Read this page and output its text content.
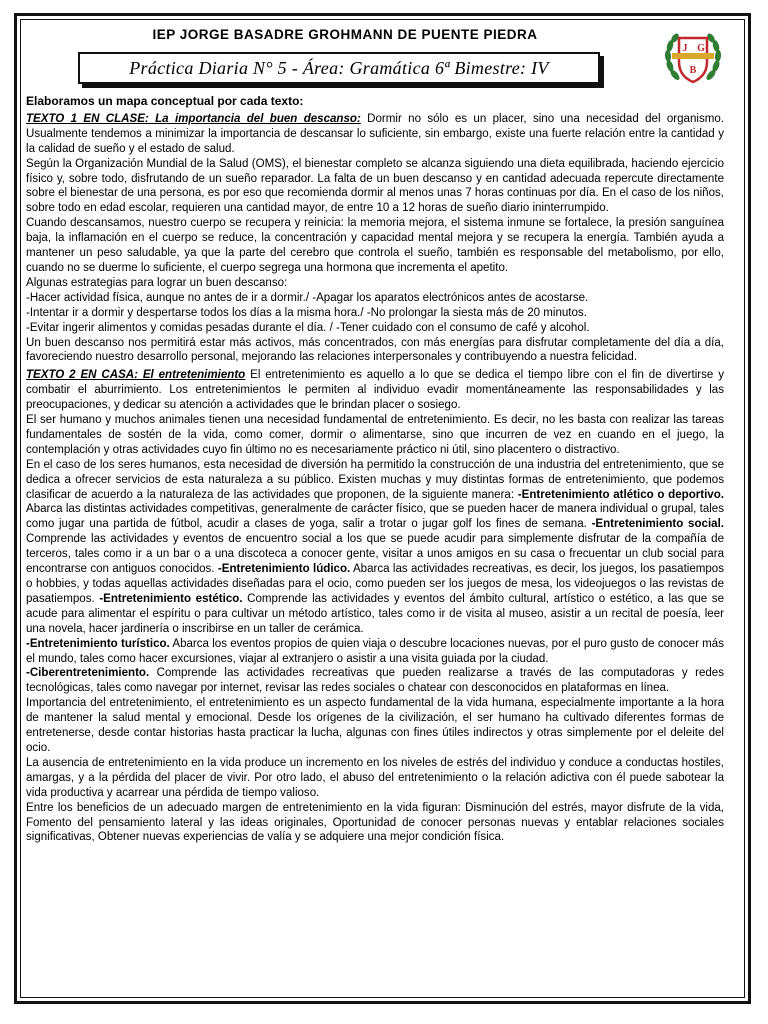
IEP JORGE BASADRE GROHMANN DE PUENTE PIEDRA
Práctica Diaria N° 5 - Área: Gramática 6ª Bimestre: IV
J G
B
Elaboramos un mapa conceptual por cada texto:

TEXTO 1 EN CLASE: La importancia del buen descanso: Dormir no sólo es un placer, sino una necesidad del organismo. Usualmente tendemos a minimizar la importancia de descansar lo suficiente, sin embargo, existe una fuerte relación entre la cantidad y la calidad de sueño y el estado de salud.

Según la Organización Mundial de la Salud (OMS), el bienestar completo se alcanza siguiendo una dieta equilibrada, haciendo ejercicio físico y, sobre todo, disfrutando de un sueño reparador. La falta de un buen descanso y en cantidad adecuada repercute directamente sobre el bienestar de una persona, es por eso que recomienda dormir al menos unas 7 horas continuas por día. En el caso de los niños, sobre todo en edad escolar, requieren una cantidad mayor, de entre 10 a 12 horas de sueño diario ininterrumpido.

Cuando descansamos, nuestro cuerpo se recupera y reinicia: la memoria mejora, el sistema inmune se fortalece, la presión sanguínea baja, la inflamación en el cuerpo se reduce, la concentración y capacidad mental mejora y se recupera la energía. También ayuda a mantener un peso saludable, ya que la parte del cerebro que controla el sueño, también es responsable del metabolismo, por ello, cuando no se duerme lo suficiente, el cuerpo segrega una hormona que incrementa el apetito.

Algunas estrategias para lograr un buen descanso:

-Hacer actividad física, aunque no antes de ir a dormir./ -Apagar los aparatos electrónicos antes de acostarse.

-Intentar ir a dormir y despertarse todos los días a la misma hora./ -No prolongar la siesta más de 20 minutos.

-Evitar ingerir alimentos y comidas pesadas durante el día. / -Tener cuidado con el consumo de café y alcohol.

Un buen descanso nos permitirá estar más activos, más concentrados, con más energías para disfrutar completamente del día a día, favoreciendo nuestro desarrollo personal, mejorando las relaciones interpersonales y contribuyendo a nuestra felicidad.

TEXTO 2 EN CASA: El entretenimiento El entretenimiento es aquello a lo que se dedica el tiempo libre con el fin de divertirse y combatir el aburrimiento. Los entretenimientos le permiten al individuo evadir momentáneamente las responsabilidades y las preocupaciones, y dedicar su atención a actividades que le brindan placer o sosiego.

El ser humano y muchos animales tienen una necesidad fundamental de entretenimiento. Es decir, no les basta con realizar las tareas fundamentales de sostén de la vida, como comer, dormir o alimentarse, sino que incurren de vez en cuando en el juego, la contemplación y otras actividades cuyo fin último no es necesariamente práctico ni útil, sino placentero o distractivo.

En el caso de los seres humanos, esta necesidad de diversión ha permitido la construcción de una industria del entretenimiento, que se dedica a ofrecer servicios de esta naturaleza a su público. Existen muchas y muy distintas formas de entretenimiento, que podemos clasificar de acuerdo a la naturaleza de las actividades que proponen, de la siguiente manera: -Entretenimiento atlético o deportivo. Abarca las distintas actividades competitivas, generalmente de carácter físico, que se pueden hacer de manera individual o grupal, tales como jugar una partida de fútbol, acudir a clases de yoga, salir a trotar o jugar golf los fines de semana. -Entretenimiento social. Comprende las actividades y eventos de encuentro social a los que se puede acudir para simplemente disfrutar de la compañía de terceros, tales como ir a un bar o a una discoteca a conocer gente, visitar a unos amigos en su casa o frecuentar un club social para encontrarse con antiguos conocidos. -Entretenimiento lúdico. Abarca las actividades recreativas, es decir, los juegos, los pasatiempos o hobbies, y todas aquellas actividades diseñadas para el ocio, como pueden ser los juegos de mesa, los videojuegos o las revistas de pasatiempos. -Entretenimiento estético. Comprende las actividades y eventos del ámbito cultural, artístico o estético, a las que se acude para alimentar el espíritu o para cultivar un método artístico, tales como ir de visita al museo, asistir a un recital de poesía, leer una novela, hacer jardinería o inscribirse en un taller de cerámica.

-Entretenimiento turístico. Abarca los eventos propios de quien viaja o descubre locaciones nuevas, por el puro gusto de conocer más el mundo, tales como hacer excursiones, viajar al extranjero o asistir a una visita guiada por la ciudad.

-Ciberentretenimiento. Comprende las actividades recreativas que pueden realizarse a través de las computadoras y redes tecnológicas, tales como navegar por internet, revisar las redes sociales o chatear con desconocidos en plataformas en línea.

Importancia del entretenimiento, el entretenimiento es un aspecto fundamental de la vida humana, especialmente importante a la hora de mantener la salud mental y emocional. Desde los orígenes de la civilización, el ser humano ha cultivado diferentes formas de entretenerse, desde contar historias hasta practicar la lucha, algunas con fines útiles indirectos y otras simplemente por el deleite del ocio.

La ausencia de entretenimiento en la vida produce un incremento en los niveles de estrés del individuo y conduce a conductas hostiles, amargas, y a la pérdida del placer de vivir. Por otro lado, el abuso del entretenimiento o la relación adictiva con él puede sabotear la vida productiva y acarrear una pérdida de tiempo valioso.

Entre los beneficios de un adecuado margen de entretenimiento en la vida figuran: Disminución del estrés, mayor disfrute de la vida, Fomento del pensamiento lateral y las ideas originales, Oportunidad de conocer personas nuevas y entablar relaciones sociales significativas, Obtener nuevas experiencias de valía y se adquiere una mejor condición física.
